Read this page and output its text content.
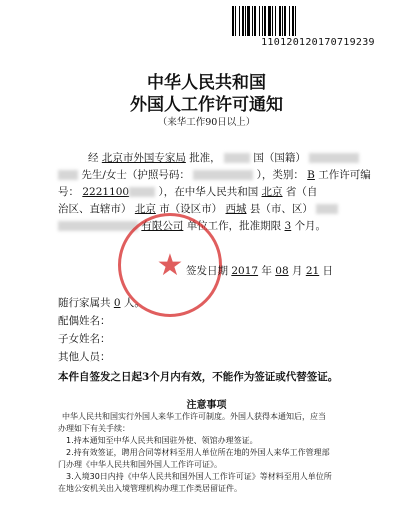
11012012017071923​9
中华人民共和国
外国人工作许可通知
（来华工作90日以上）
经 北京市外国专家局 批准，	国（国籍）
先生/女士（护照号码：	），类别： B 工作许可编
号： 2221100	），在中华人民共和国 北京 省（自
治区、直辖市） 北京 市（设区市） 西城 县（市、区）
有限公司 单位工作，批准期限 3 个月。
★ 签发日期 2017 年 08 月 21 日
随行家属共 0 人。
配偶姓名：
子女姓名：
其他人员：
本件自签发之日起3个月内有效，不能作为签证或代替签证。
注意事项
中华人民共和国实行外国人来华工作许可制度。外国人获得本通知后，应当
办理如下有关手续：
1.持本通知至中华人民共和国驻外使、领馆办理签证。
2.持有效签证，聘用合同等材料至用人单位所在地的外国人来华工作管理部
门办理《中华人民共和国外国人工作许可证》。
3.入境30日内持《中华人民共和国外国人工作许可证》等材料至用人单位所
在地公安机关出入境管理机构办理工作类居留证件。
